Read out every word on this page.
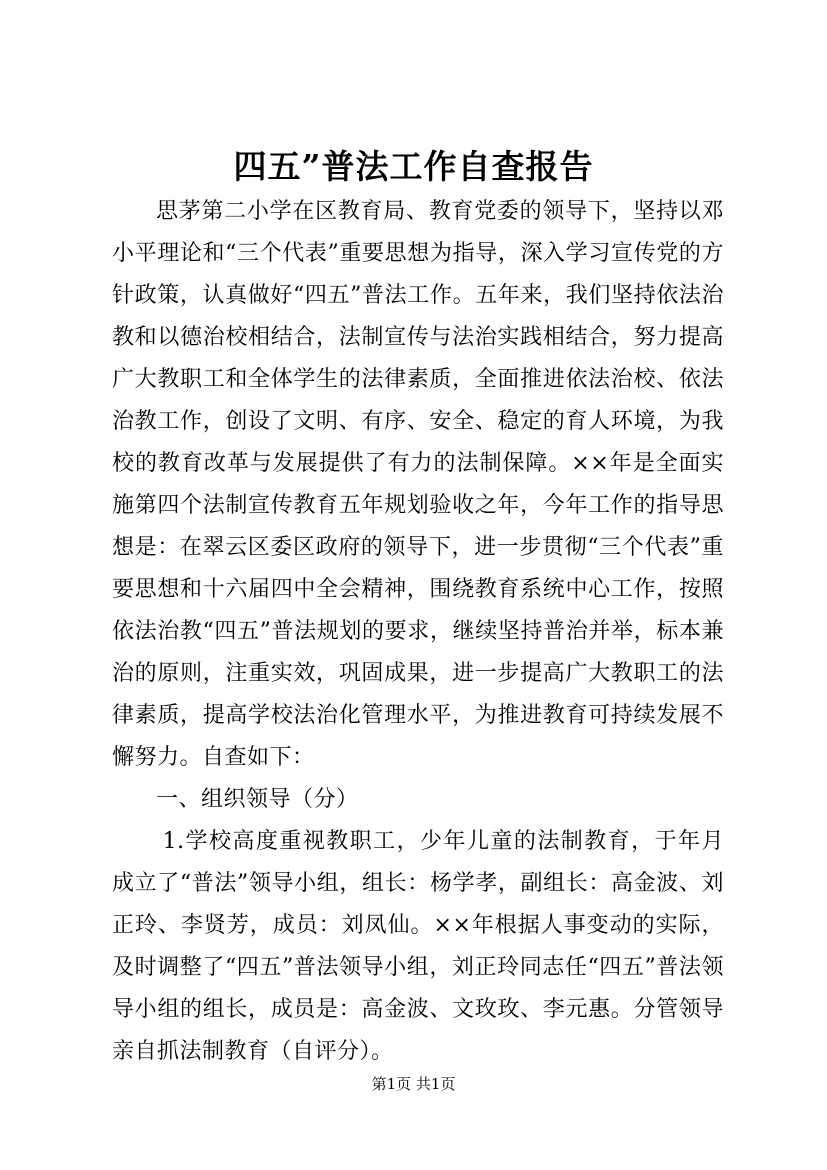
四五”普法工作自查报告

思茅第二小学在区教育局、教育党委的领导下，坚持以邓小平理论和“三个代表”重要思想为指导，深入学习宣传党的方针政策，认真做好“四五”普法工作。五年来，我们坚持依法治教和以德治校相结合，法制宣传与法治实践相结合，努力提高广大教职工和全体学生的法律素质，全面推进依法治校、依法治教工作，创设了文明、有序、安全、稳定的育人环境，为我校的教育改革与发展提供了有力的法制保障。××年是全面实施第四个法制宣传教育五年规划验收之年，今年工作的指导思想是：在翠云区委区政府的领导下，进一步贯彻“三个代表”重要思想和十六届四中全会精神，围绕教育系统中心工作，按照依法治教“四五”普法规划的要求，继续坚持普治并举，标本兼治的原则，注重实效，巩固成果，进一步提高广大教职工的法律素质，提高学校法治化管理水平，为推进教育可持续发展不懈努力。自查如下：

一、组织领导（分）

1.学校高度重视教职工，少年儿童的法制教育，于年月成立了“普法”领导小组，组长：杨学孝，副组长：高金波、刘正玲、李贤芳，成员：刘凤仙。××年根据人事变动的实际，及时调整了“四五”普法领导小组，刘正玲同志任“四五”普法领导小组的组长，成员是：高金波、文玫玫、李元惠。分管领导亲自抓法制教育（自评分）。

第1页 共1页
